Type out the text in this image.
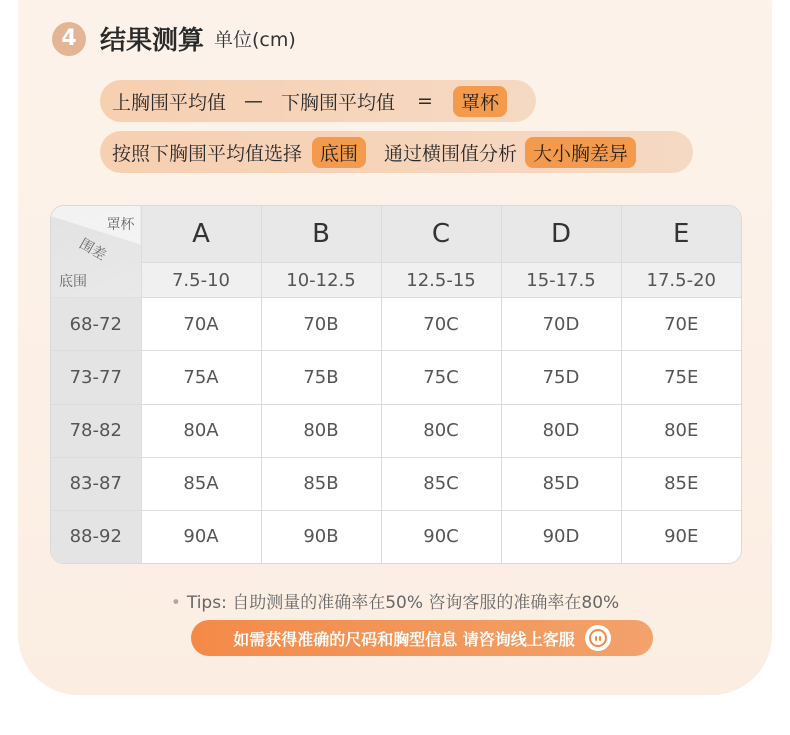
4 结果测算 单位(cm)
上胸围平均值 — 下胸围平均值 =	罩杯
按照下胸围平均值选择 底围	通过横围值分析 大小胸差异
罩杯
围差
底围	A	B	C	D	E
	7.5-10	10-12.5	12.5-15	15-17.5	17.5-20
68-72	70A	70B	70C	70D	70E
73-77	75A	75B	75C	75D	75E
78-82	80A	80B	80C	80D	80E
83-87	85A	85B	85C	85D	85E
88-92	90A	90B	90C	90D	90E
• Tips: 自助测量的准确率在50% 咨询客服的准确率在80%
如需获得准确的尺码和胸型信息 请咨询线上客服
